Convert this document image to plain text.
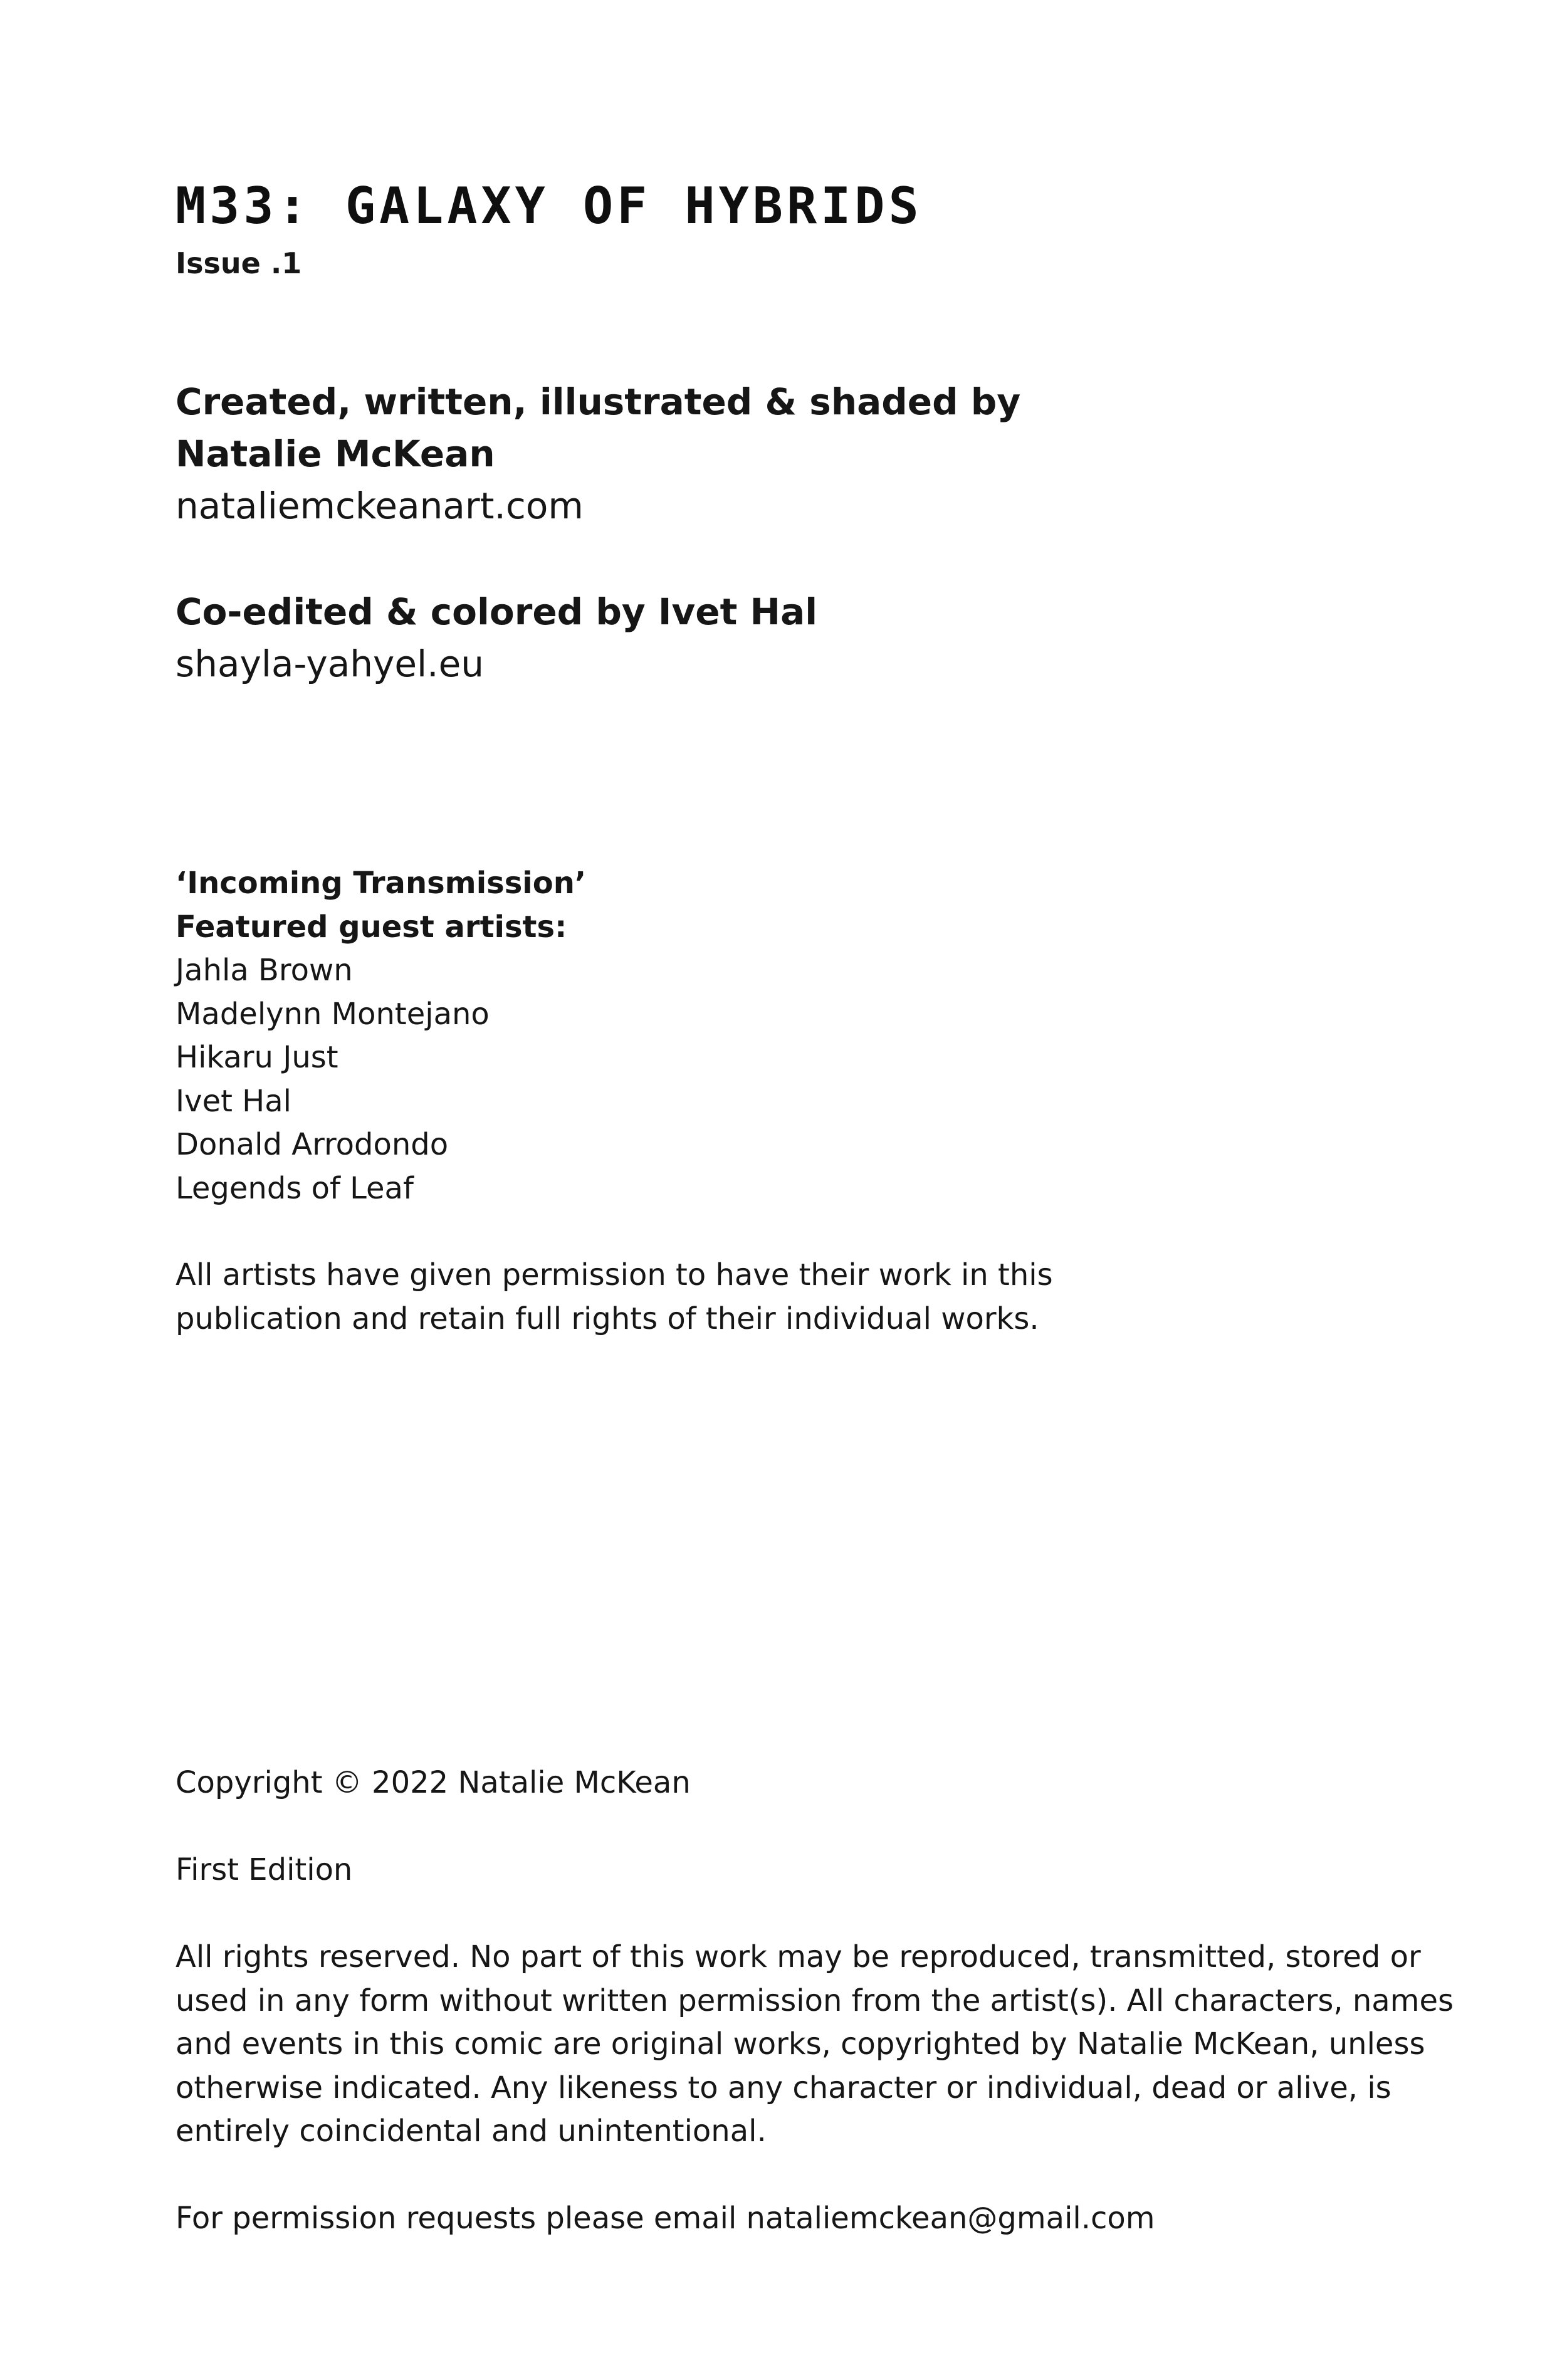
M33: GALAXY OF HYBRIDS
Issue .1
Created, written, illustrated & shaded by
Natalie McKean
nataliemckeanart.com
Co-edited & colored by Ivet Hal
shayla-yahyel.eu
‘Incoming Transmission’
Featured guest artists:
Jahla Brown
Madelynn Montejano
Hikaru Just
Ivet Hal
Donald Arrodondo
Legends of Leaf
All artists have given permission to have their work in this
publication and retain full rights of their individual works.

Copyright © 2022 Natalie McKean

First Edition

All rights reserved. No part of this work may be reproduced, transmitted, stored or
used in any form without written permission from the artist(s). All characters, names
and events in this comic are original works, copyrighted by Natalie McKean, unless
otherwise indicated. Any likeness to any character or individual, dead or alive, is
entirely coincidental and unintentional.

For permission requests please email nataliemckean@gmail.com
